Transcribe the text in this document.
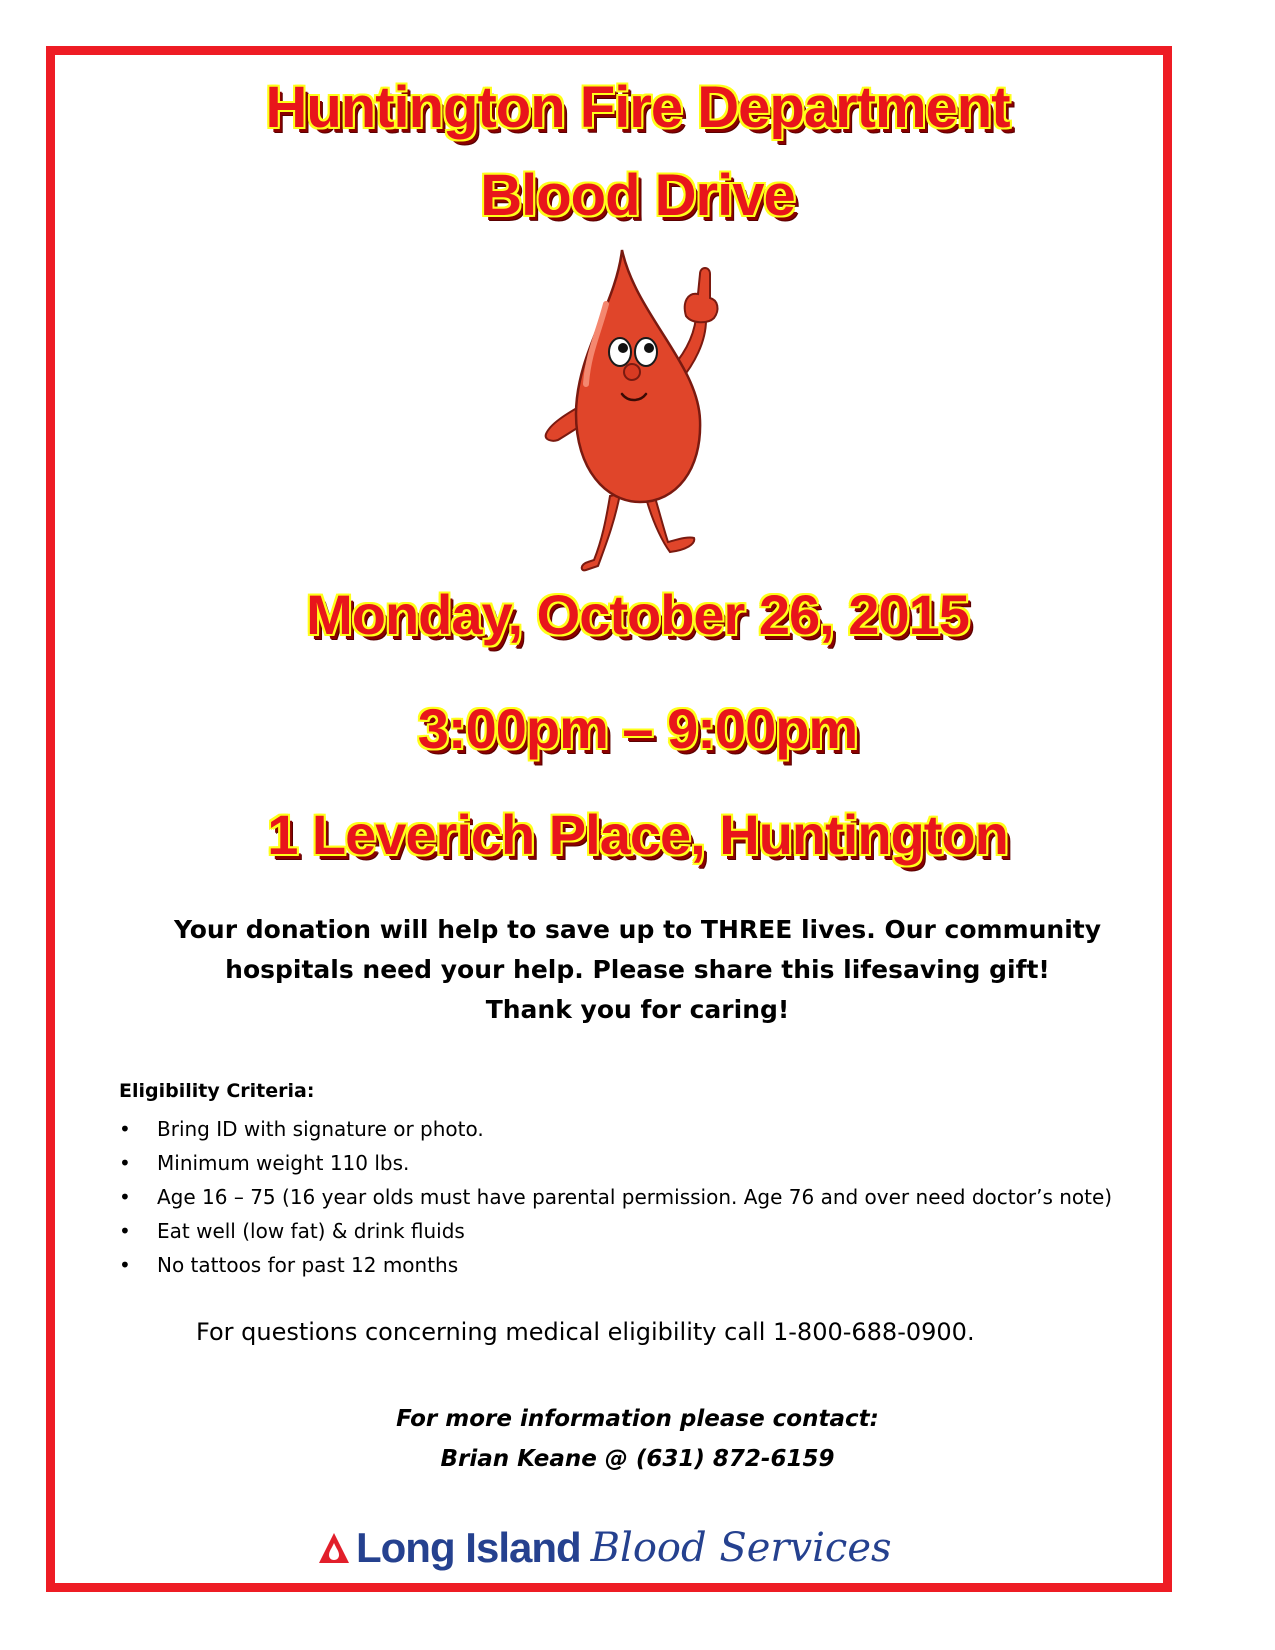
Huntington Fire Department
Blood Drive
Monday, October 26, 2015
3:00pm – 9:00pm
1 Leverich Place, Huntington
Your donation will help to save up to THREE lives. Our community
hospitals need your help. Please share this lifesaving gift!
Thank you for caring!
Eligibility Criteria:
• Bring ID with signature or photo.
• Minimum weight 110 lbs.
• Age 16 – 75 (16 year olds must have parental permission. Age 76 and over need doctor’s note)
• Eat well (low fat) & drink fluids
• No tattoos for past 12 months
For questions concerning medical eligibility call 1-800-688-0900.
For more information please contact:
Brian Keane @ (631) 872-6159
Long Island Blood Services
